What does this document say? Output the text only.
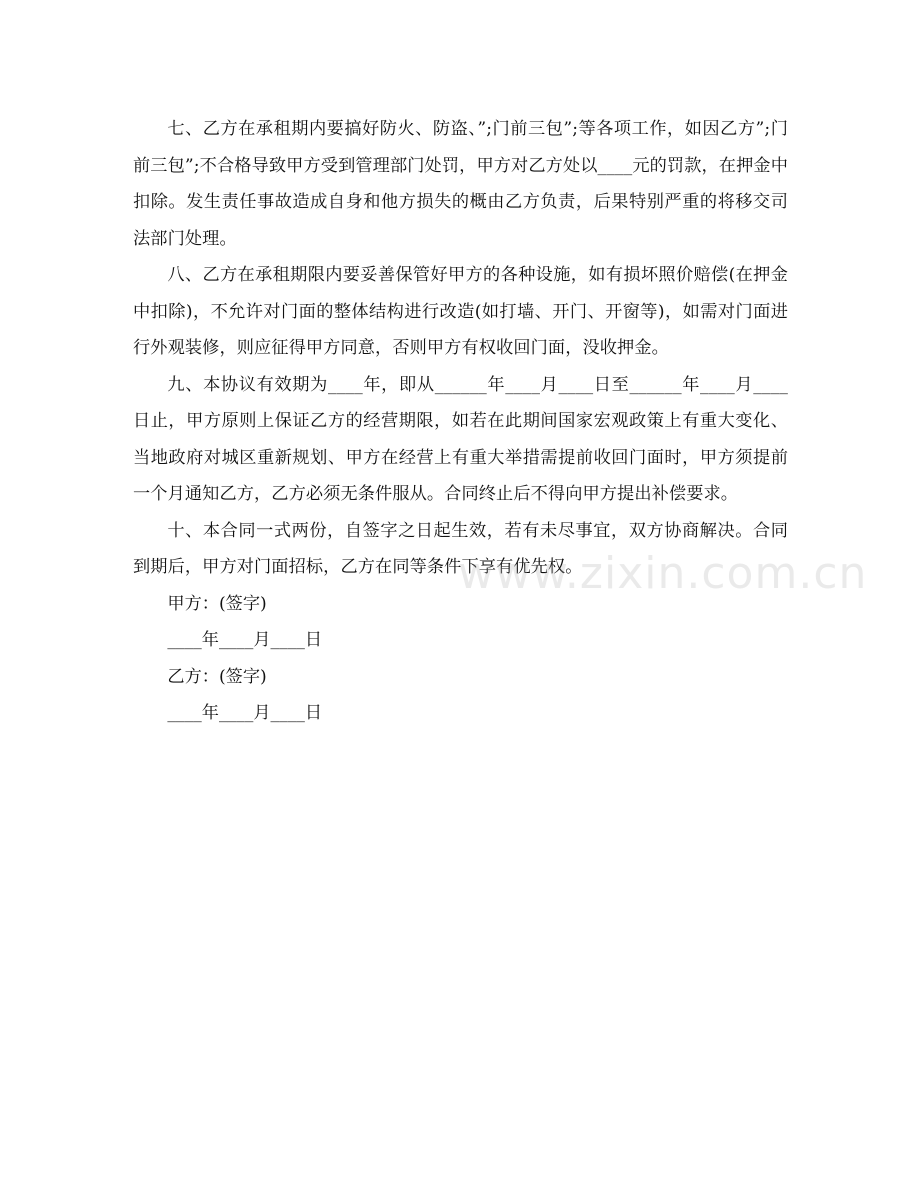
七、乙方在承租期内要搞好防火、防盗、”;门前三包”;等各项工作，如因乙方”;门前三包”;不合格导致甲方受到管理部门处罚，甲方对乙方处以____元的罚款，在押金中扣除。发生责任事故造成自身和他方损失的概由乙方负责，后果特别严重的将移交司法部门处理。

八、乙方在承租期限内要妥善保管好甲方的各种设施，如有损坏照价赔偿(在押金中扣除)，不允许对门面的整体结构进行改造(如打墙、开门、开窗等)，如需对门面进行外观装修，则应征得甲方同意，否则甲方有权收回门面，没收押金。

九、本协议有效期为____年，即从______年____月____日至______年____月____日止，甲方原则上保证乙方的经营期限，如若在此期间国家宏观政策上有重大变化、当地政府对城区重新规划、甲方在经营上有重大举措需提前收回门面时，甲方须提前一个月通知乙方，乙方必须无条件服从。合同终止后不得向甲方提出补偿要求。

十、本合同一式两份，自签字之日起生效，若有未尽事宜，双方协商解决。合同到期后，甲方对门面招标，乙方在同等条件下享有优先权。

甲方：(签字)

____年____月____日

乙方：(签字)

____年____月____日

www.zixin.com.cn
